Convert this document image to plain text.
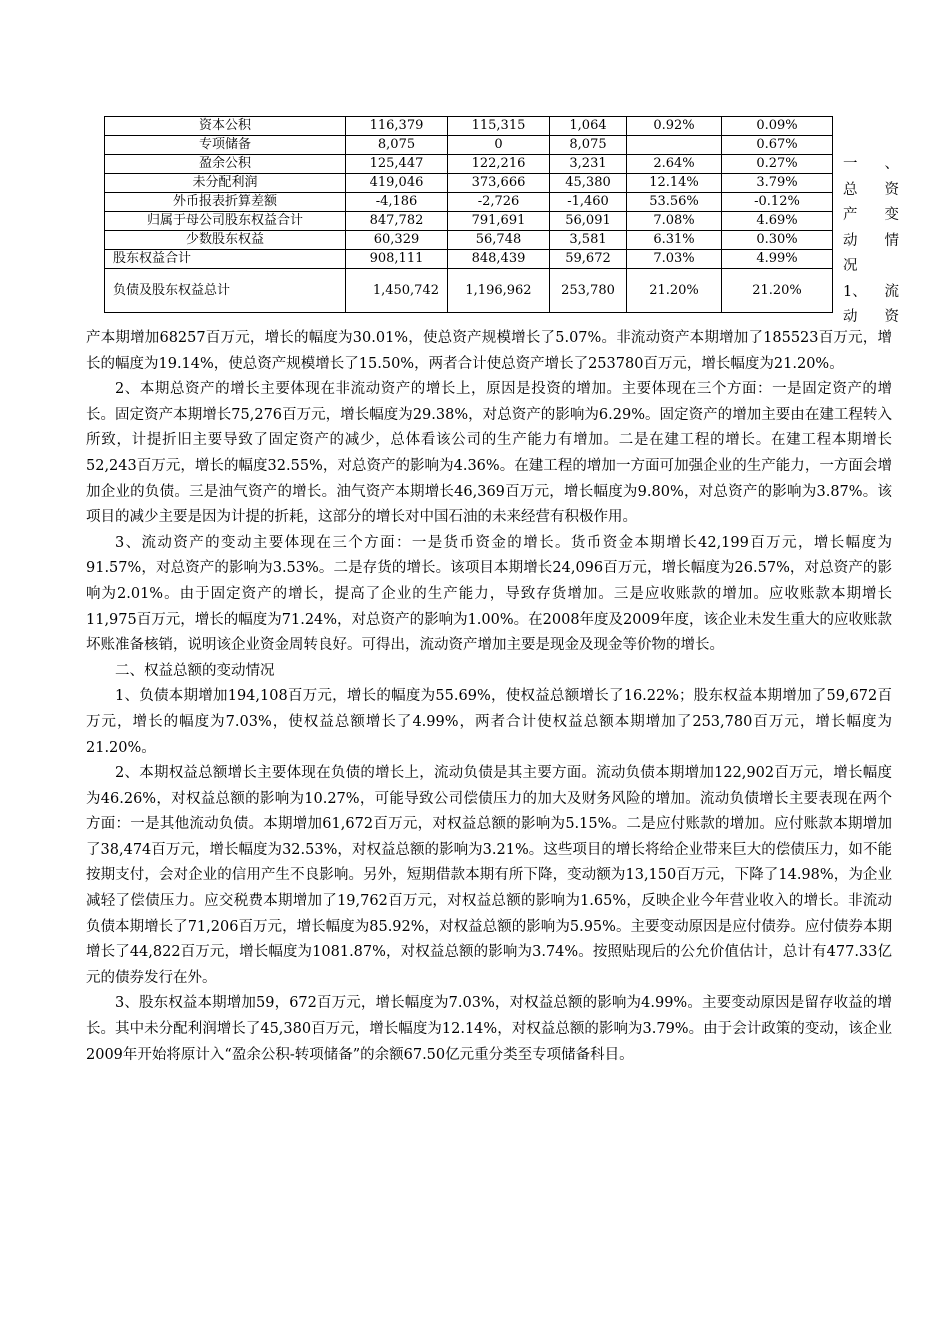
资本公积	116,379	115,315	1,064	0.92%	0.09%
专项储备	8,075	0	8,075		0.67%
盈余公积	125,447	122,216	3,231	2.64%	0.27%
未分配利润	419,046	373,666	45,380	12.14%	3.79%
外币报表折算差额	-4,186	-2,726	-1,460	53.56%	-0.12%
归属于母公司股东权益合计	847,782	791,691	56,091	7.08%	4.69%
少数股东权益	60,329	56,748	3,581	6.31%	0.30%
股东权益合计	908,111	848,439	59,672	7.03%	4.99%
负债及股东权益总计	1,450,742	1,196,962	253,780	21.20%	21.20%
一 、
总 资
产 变
动 情
况
1、 流
动 资

产本期增加68257百万元，增长的幅度为30.01%，使总资产规模增长了5.07%。非流动资产本期增加了185523百万元，增长的幅度为19.14%，使总资产规模增长了15.50%，两者合计使总资产增长了253780百万元，增长幅度为21.20%。

2、本期总资产的增长主要体现在非流动资产的增长上，原因是投资的增加。主要体现在三个方面：一是固定资产的增长。固定资产本期增长75,276百万元，增长幅度为29.38%，对总资产的影响为6.29%。固定资产的增加主要由在建工程转入所致，计提折旧主要导致了固定资产的减少，总体看该公司的生产能力有增加。二是在建工程的增长。在建工程本期增长52,243百万元，增长的幅度32.55%，对总资产的影响为4.36%。在建工程的增加一方面可加强企业的生产能力，一方面会增加企业的负债。三是油气资产的增长。油气资产本期增长46,369百万元，增长幅度为9.80%，对总资产的影响为3.87%。该项目的减少主要是因为计提的折耗，这部分的增长对中国石油的未来经营有积极作用。

3、流动资产的变动主要体现在三个方面：一是货币资金的增长。货币资金本期增长42,199百万元，增长幅度为91.57%，对总资产的影响为3.53%。二是存货的增长。该项目本期增长24,096百万元，增长幅度为26.57%，对总资产的影响为2.01%。由于固定资产的增长，提高了企业的生产能力，导致存货增加。三是应收账款的增加。应收账款本期增长11,975百万元，增长的幅度为71.24%，对总资产的影响为1.00%。在2008年度及2009年度，该企业未发生重大的应收账款坏账准备核销，说明该企业资金周转良好。可得出，流动资产增加主要是现金及现金等价物的增长。

二、权益总额的变动情况

1、负债本期增加194,108百万元，增长的幅度为55.69%，使权益总额增长了16.22%；股东权益本期增加了59,672百万元，增长的幅度为7.03%，使权益总额增长了4.99%，两者合计使权益总额本期增加了253,780百万元，增长幅度为21.20%。

2、本期权益总额增长主要体现在负债的增长上，流动负债是其主要方面。流动负债本期增加122,902百万元，增长幅度为46.26%，对权益总额的影响为10.27%，可能导致公司偿债压力的加大及财务风险的增加。流动负债增长主要表现在两个方面：一是其他流动负债。本期增加61,672百万元，对权益总额的影响为5.15%。二是应付账款的增加。应付账款本期增加了38,474百万元，增长幅度为32.53%，对权益总额的影响为3.21%。这些项目的增长将给企业带来巨大的偿债压力，如不能按期支付，会对企业的信用产生不良影响。另外，短期借款本期有所下降，变动额为13,150百万元，下降了14.98%，为企业减轻了偿债压力。应交税费本期增加了19,762百万元，对权益总额的影响为1.65%，反映企业今年营业收入的增长。非流动负债本期增长了71,206百万元，增长幅度为85.92%，对权益总额的影响为5.95%。主要变动原因是应付债券。应付债券本期增长了44,822百万元，增长幅度为1081.87%，对权益总额的影响为3.74%。按照贴现后的公允价值估计，总计有477.33亿元的债券发行在外。

3、股东权益本期增加59，672百万元，增长幅度为7.03%，对权益总额的影响为4.99%。主要变动原因是留存收益的增长。其中未分配利润增长了45,380百万元，增长幅度为12.14%，对权益总额的影响为3.79%。由于会计政策的变动，该企业2009年开始将原计入“盈余公积-转项储备”的余额67.50亿元重分类至专项储备科目。
